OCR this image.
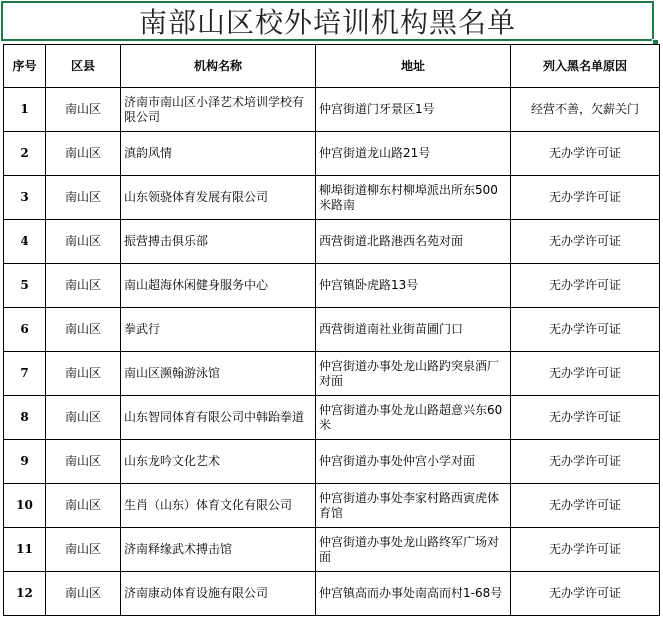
南部山区校外培训机构黑名单
序号	区县	机构名称	地址	列入黑名单原因
1	南山区	济南市南山区小泽艺术培训学校有限公司	仲宫街道门牙景区1号	经营不善，欠薪关门
2	南山区	滇韵风情	仲宫街道龙山路21号	无办学许可证
3	南山区	山东领骁体育发展有限公司	柳埠街道柳东村柳埠派出所东500米路南	无办学许可证
4	南山区	振营搏击俱乐部	西营街道北路港西名苑对面	无办学许可证
5	南山区	南山超海休闲健身服务中心	仲宫镇卧虎路13号	无办学许可证
6	南山区	拳武行	西营街道南社业街苗圃门口	无办学许可证
7	南山区	南山区濒翰游泳馆	仲宫街道办事处龙山路趵突泉酒厂对面	无办学许可证
8	南山区	山东智同体育有限公司中韩跆拳道	仲宫街道办事处龙山路超意兴东60米	无办学许可证
9	南山区	山东龙吟文化艺术	仲宫街道办事处仲宫小学对面	无办学许可证
10	南山区	生肖（山东）体育文化有限公司	仲宫街道办事处李家村路西寅虎体育馆	无办学许可证
11	南山区	济南释缘武术搏击馆	仲宫街道办事处龙山路终军广场对面	无办学许可证
12	南山区	济南康动体育设施有限公司	仲宫镇高而办事处南高而村1-68号	无办学许可证
